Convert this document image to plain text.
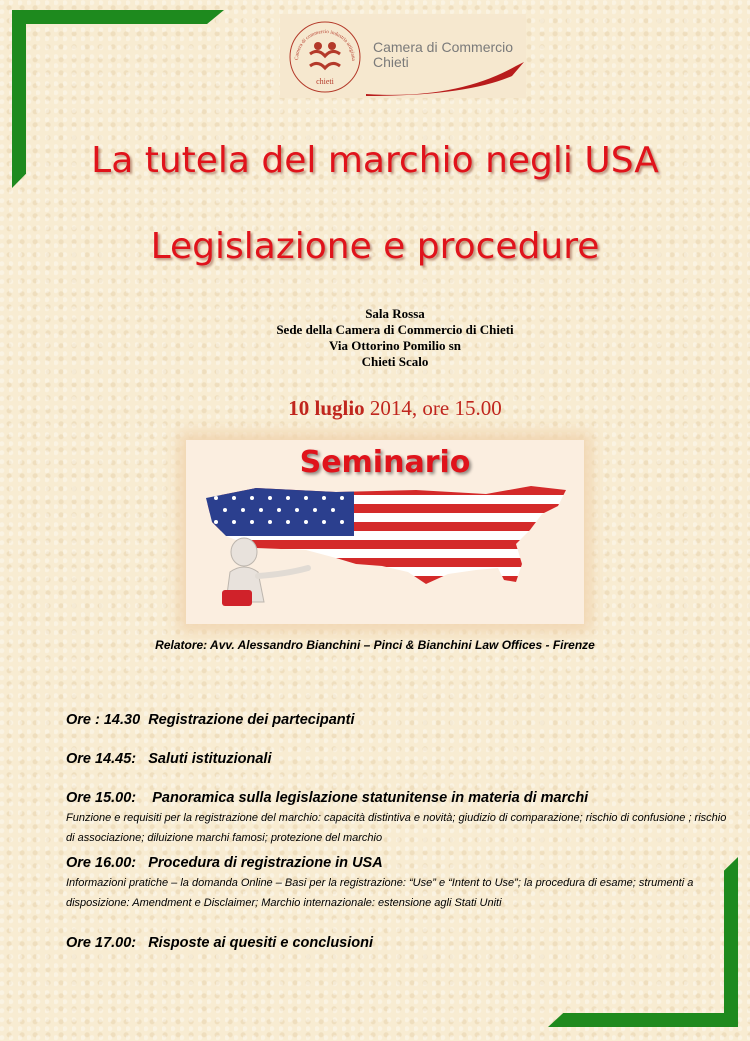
Camera di commercio industria artigiana
chieti
Camera di Commercio
Chieti
La tutela del marchio negli USA
Legislazione e procedure
Sala Rossa
Sede della Camera di Commercio di Chieti
Via Ottorino Pomilio sn
Chieti Scalo
10 luglio 2014, ore 15.00
Seminario
Relatore: Avv. Alessandro Bianchini – Pinci & Bianchini Law Offices - Firenze
Ore : 14.30  Registrazione dei partecipanti
Ore 14.45:   Saluti istituzionali
Ore 15.00:    Panoramica sulla legislazione statunitense in materia di marchi
Funzione e requisiti per la registrazione del marchio: capacità distintiva e novità; giudizio di comparazione; rischio di confusione ; rischio di associazione; diluizione marchi famosi; protezione del marchio
Ore 16.00:   Procedura di registrazione in USA
Informazioni pratiche – la domanda Online – Basi per la registrazione: “Use” e “Intent to Use”; la procedura di esame; strumenti a disposizione: Amendment e Disclaimer; Marchio internazionale: estensione agli Stati Uniti
Ore 17.00:   Risposte ai quesiti e conclusioni
